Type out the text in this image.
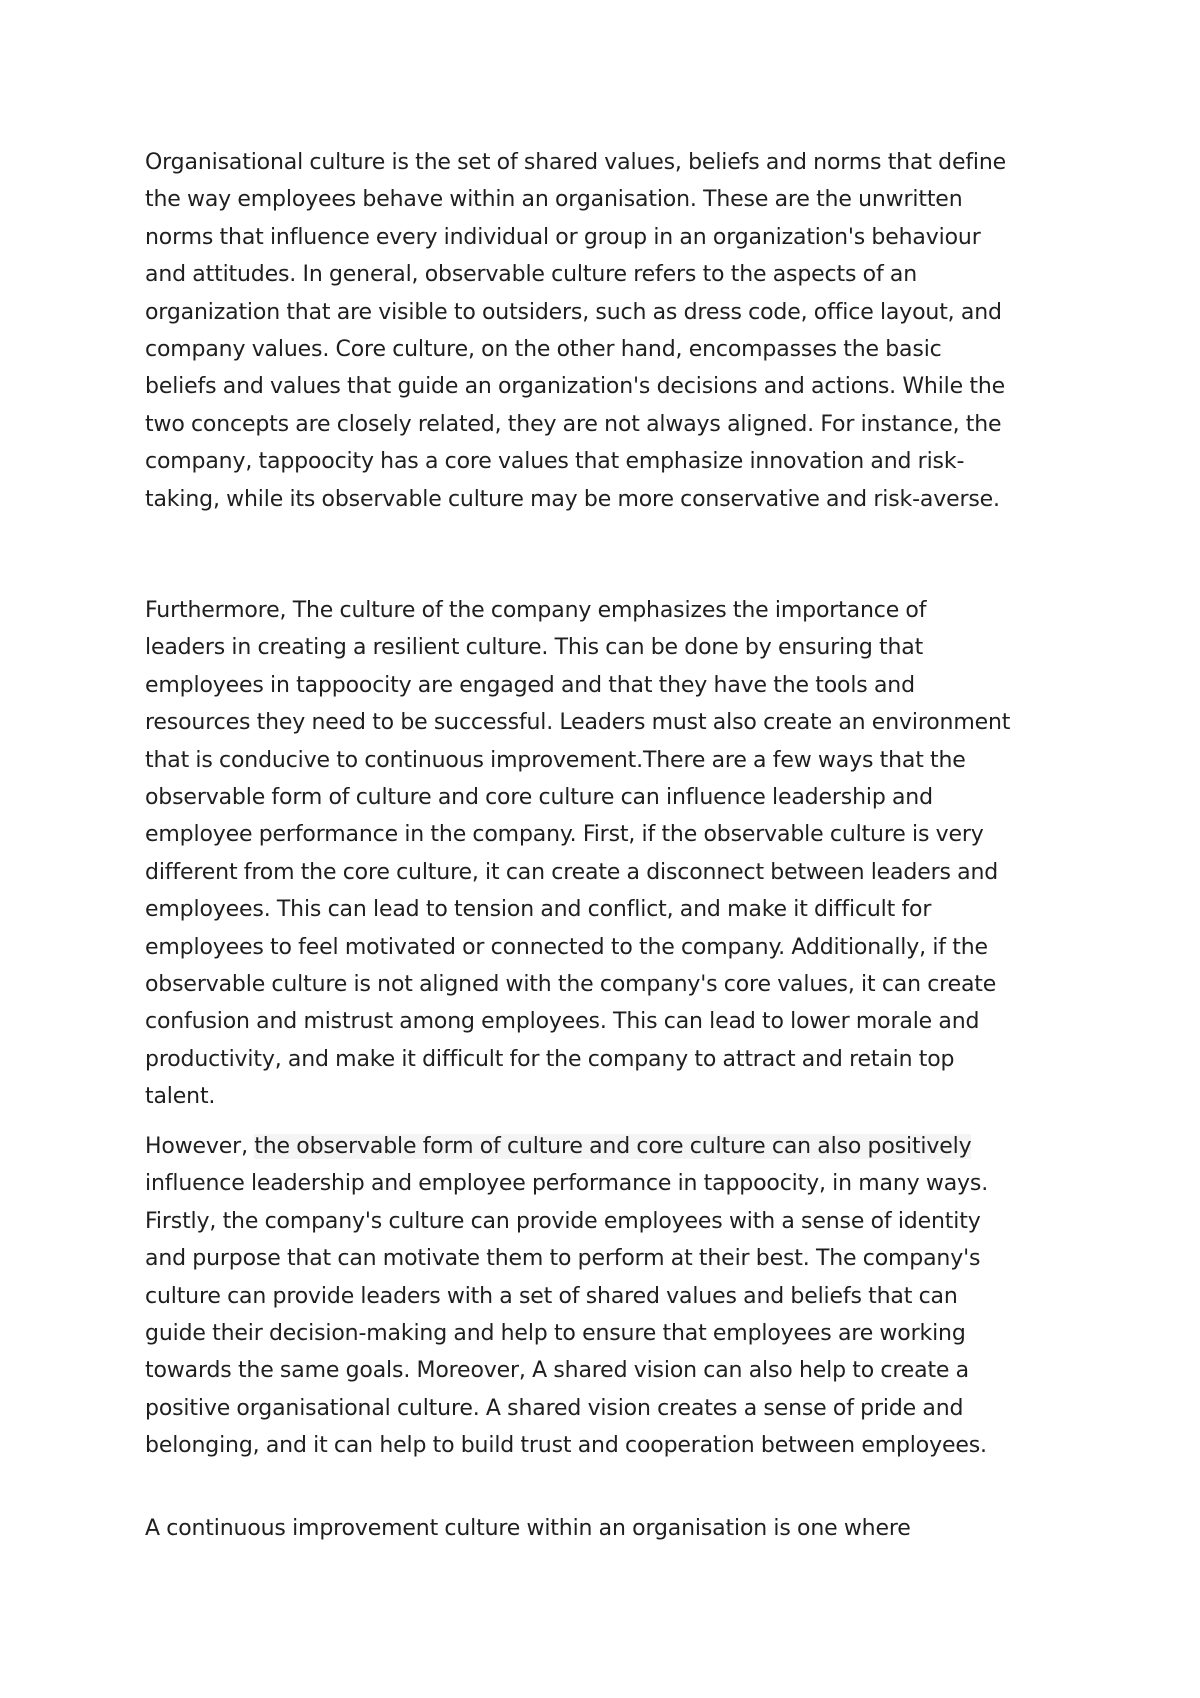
Organisational culture is the set of shared values, beliefs and norms that define
the way employees behave within an organisation. These are the unwritten
norms that influence every individual or group in an organization's behaviour
and attitudes. In general, observable culture refers to the aspects of an
organization that are visible to outsiders, such as dress code, office layout, and
company values. Core culture, on the other hand, encompasses the basic
beliefs and values that guide an organization's decisions and actions. While the
two concepts are closely related, they are not always aligned. For instance, the
company, tappoocity has a core values that emphasize innovation and risk-
taking, while its observable culture may be more conservative and risk-averse.

Furthermore, The culture of the company emphasizes the importance of
leaders in creating a resilient culture. This can be done by ensuring that
employees in tappoocity are engaged and that they have the tools and
resources they need to be successful. Leaders must also create an environment
that is conducive to continuous improvement.There are a few ways that the
observable form of culture and core culture can influence leadership and
employee performance in the company. First, if the observable culture is very
different from the core culture, it can create a disconnect between leaders and
employees. This can lead to tension and conflict, and make it difficult for
employees to feel motivated or connected to the company. Additionally, if the
observable culture is not aligned with the company's core values, it can create
confusion and mistrust among employees. This can lead to lower morale and
productivity, and make it difficult for the company to attract and retain top
talent.

However, the observable form of culture and core culture can also positively
influence leadership and employee performance in tappoocity, in many ways.
Firstly, the company's culture can provide employees with a sense of identity
and purpose that can motivate them to perform at their best. The company's
culture can provide leaders with a set of shared values and beliefs that can
guide their decision-making and help to ensure that employees are working
towards the same goals. Moreover, A shared vision can also help to create a
positive organisational culture. A shared vision creates a sense of pride and
belonging, and it can help to build trust and cooperation between employees.

A continuous improvement culture within an organisation is one where
